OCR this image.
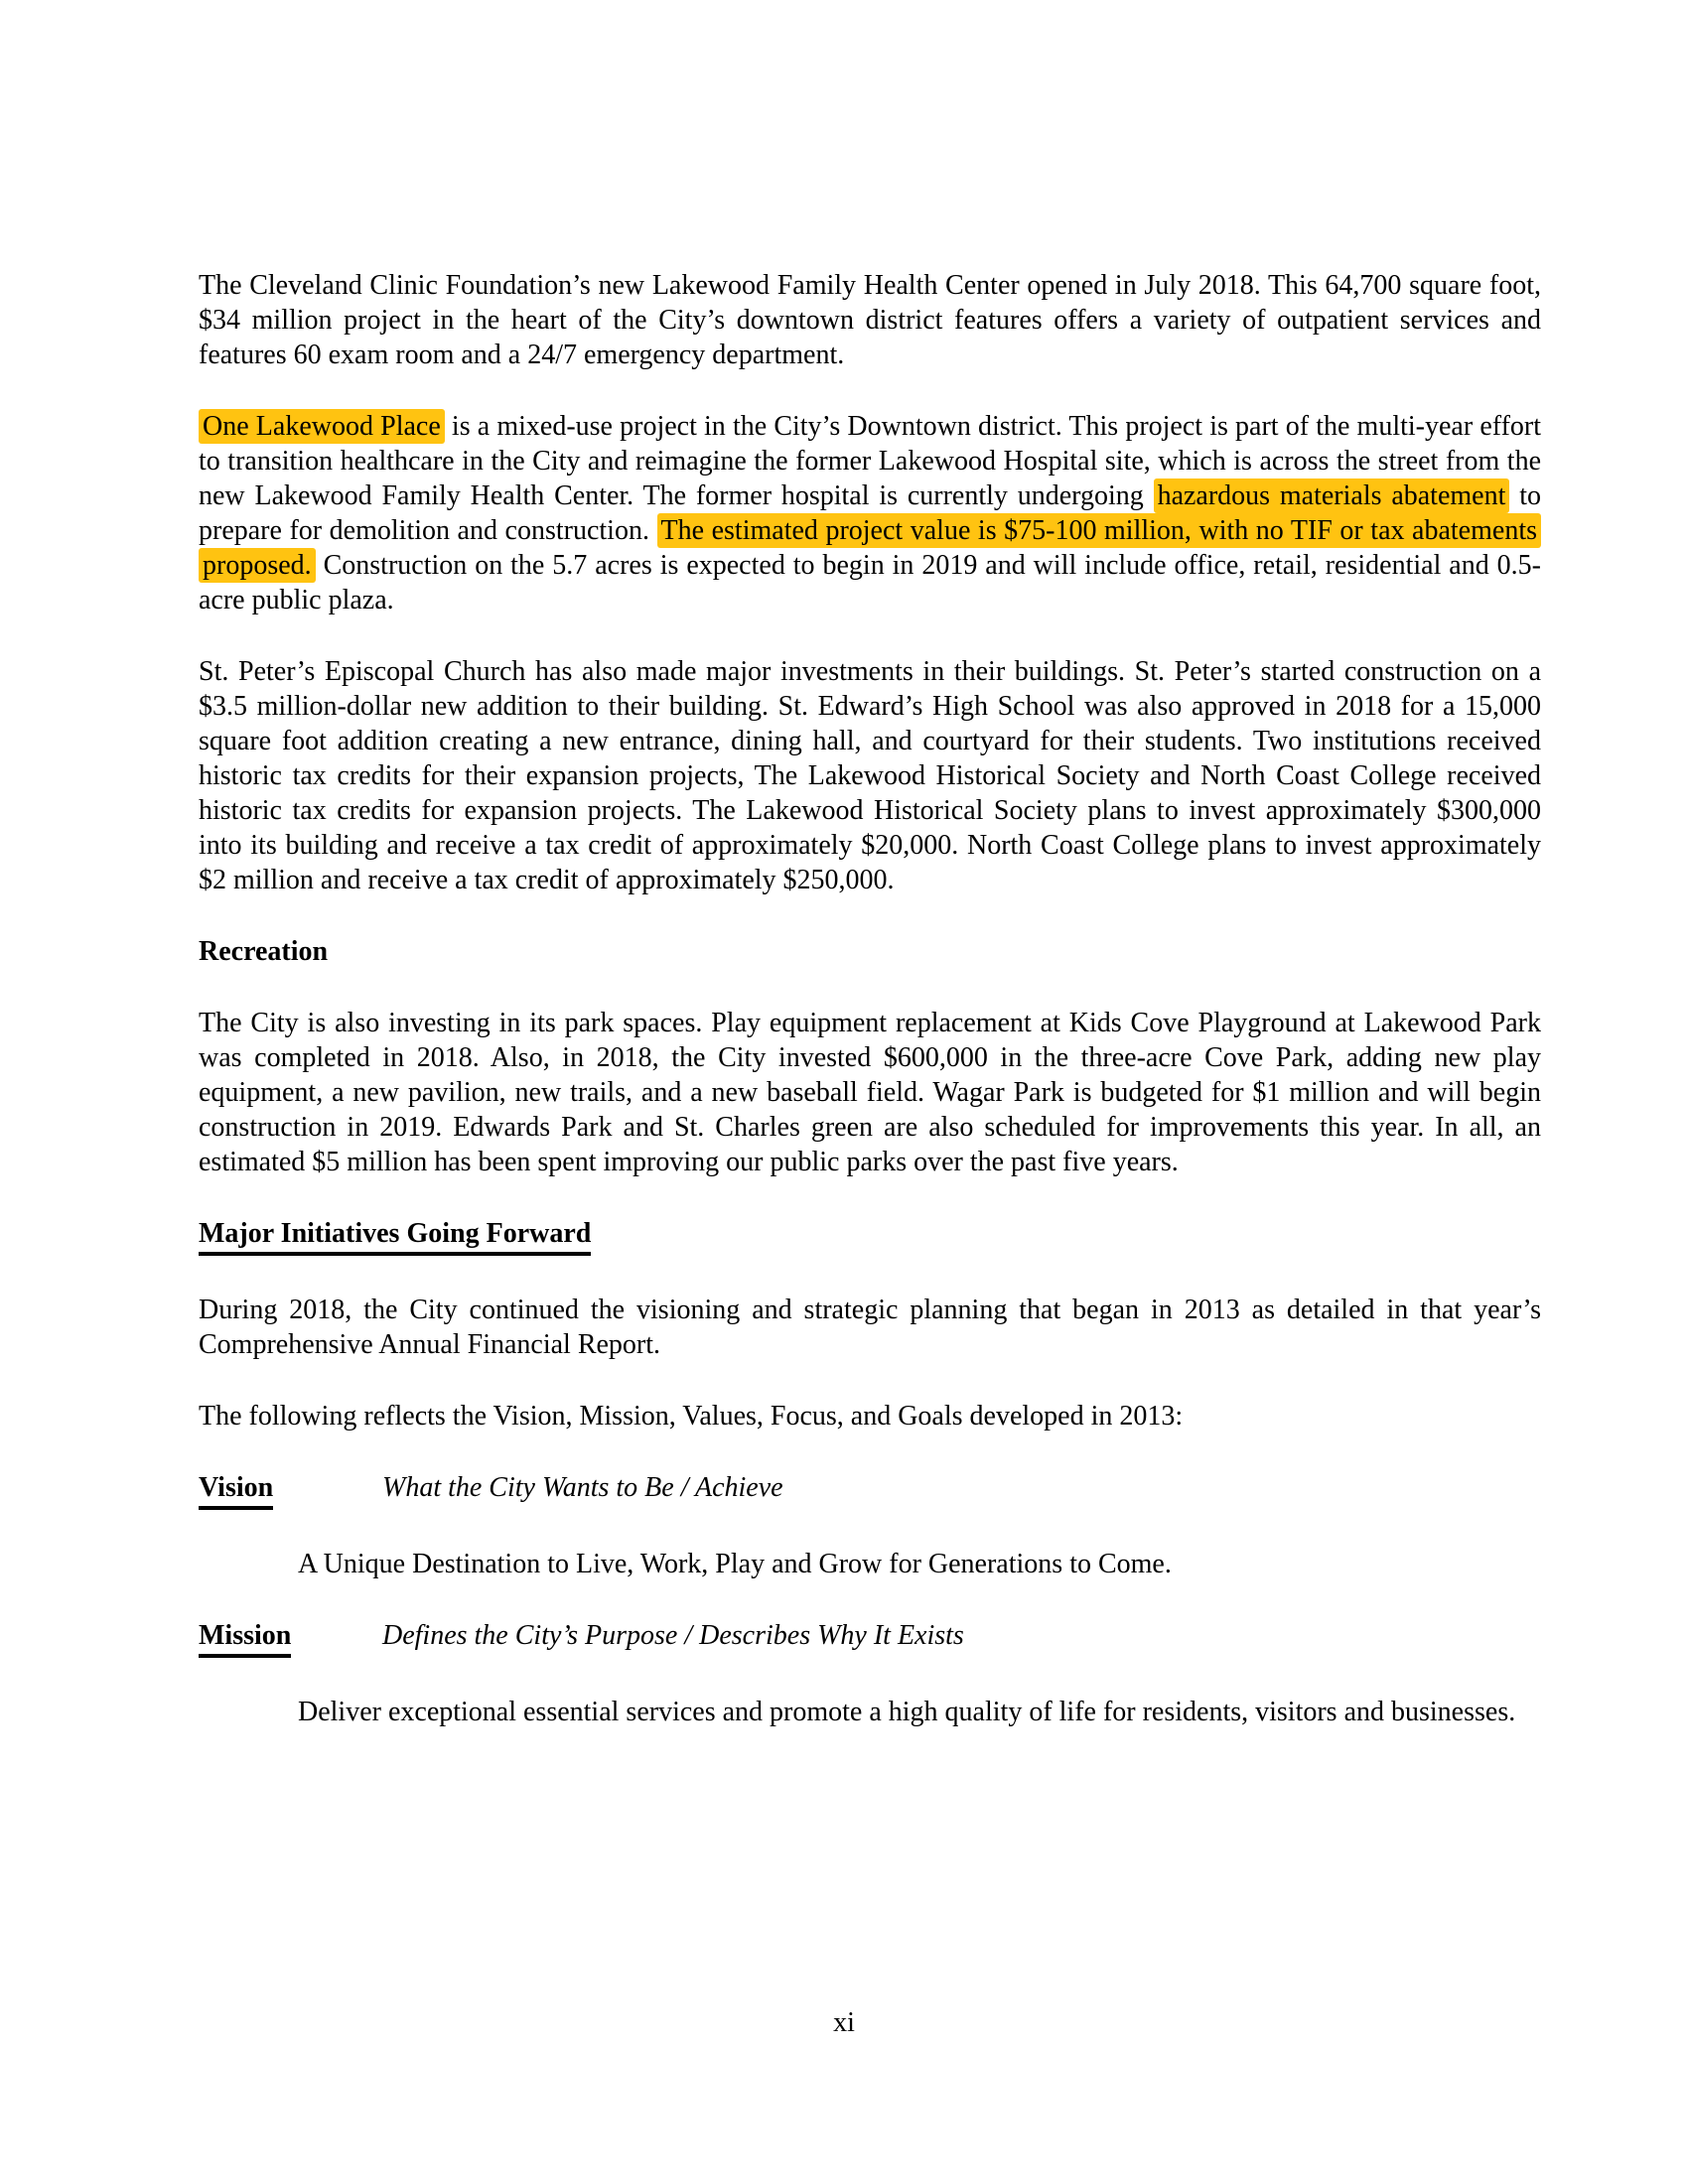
The Cleveland Clinic Foundation’s new Lakewood Family Health Center opened in July 2018. This 64,700 square foot, $34 million project in the heart of the City’s downtown district features offers a variety of outpatient services and features 60 exam room and a 24/7 emergency department.

One Lakewood Place is a mixed-use project in the City’s Downtown district. This project is part of the multi-year effort to transition healthcare in the City and reimagine the former Lakewood Hospital site, which is across the street from the new Lakewood Family Health Center. The former hospital is currently undergoing hazardous materials abatement to prepare for demolition and construction. The estimated project value is $75-100 million, with no TIF or tax abatements proposed. Construction on the 5.7 acres is expected to begin in 2019 and will include office, retail, residential and 0.5-acre public plaza.

St. Peter’s Episcopal Church has also made major investments in their buildings. St. Peter’s started construction on a $3.5 million-dollar new addition to their building. St. Edward’s High School was also approved in 2018 for a 15,000 square foot addition creating a new entrance, dining hall, and courtyard for their students. Two institutions received historic tax credits for their expansion projects, The Lakewood Historical Society and North Coast College received historic tax credits for expansion projects. The Lakewood Historical Society plans to invest approximately $300,000 into its building and receive a tax credit of approximately $20,000. North Coast College plans to invest approximately $2 million and receive a tax credit of approximately $250,000.

Recreation

The City is also investing in its park spaces. Play equipment replacement at Kids Cove Playground at Lakewood Park was completed in 2018. Also, in 2018, the City invested $600,000 in the three-acre Cove Park, adding new play equipment, a new pavilion, new trails, and a new baseball field. Wagar Park is budgeted for $1 million and will begin construction in 2019. Edwards Park and St. Charles green are also scheduled for improvements this year. In all, an estimated $5 million has been spent improving our public parks over the past five years.

Major Initiatives Going Forward

During 2018, the City continued the visioning and strategic planning that began in 2013 as detailed in that year’s Comprehensive Annual Financial Report.

The following reflects the Vision, Mission, Values, Focus, and Goals developed in 2013:

Vision	What the City Wants to Be / Achieve

A Unique Destination to Live, Work, Play and Grow for Generations to Come.

Mission	Defines the City’s Purpose / Describes Why It Exists

Deliver exceptional essential services and promote a high quality of life for residents, visitors and businesses.

xi
